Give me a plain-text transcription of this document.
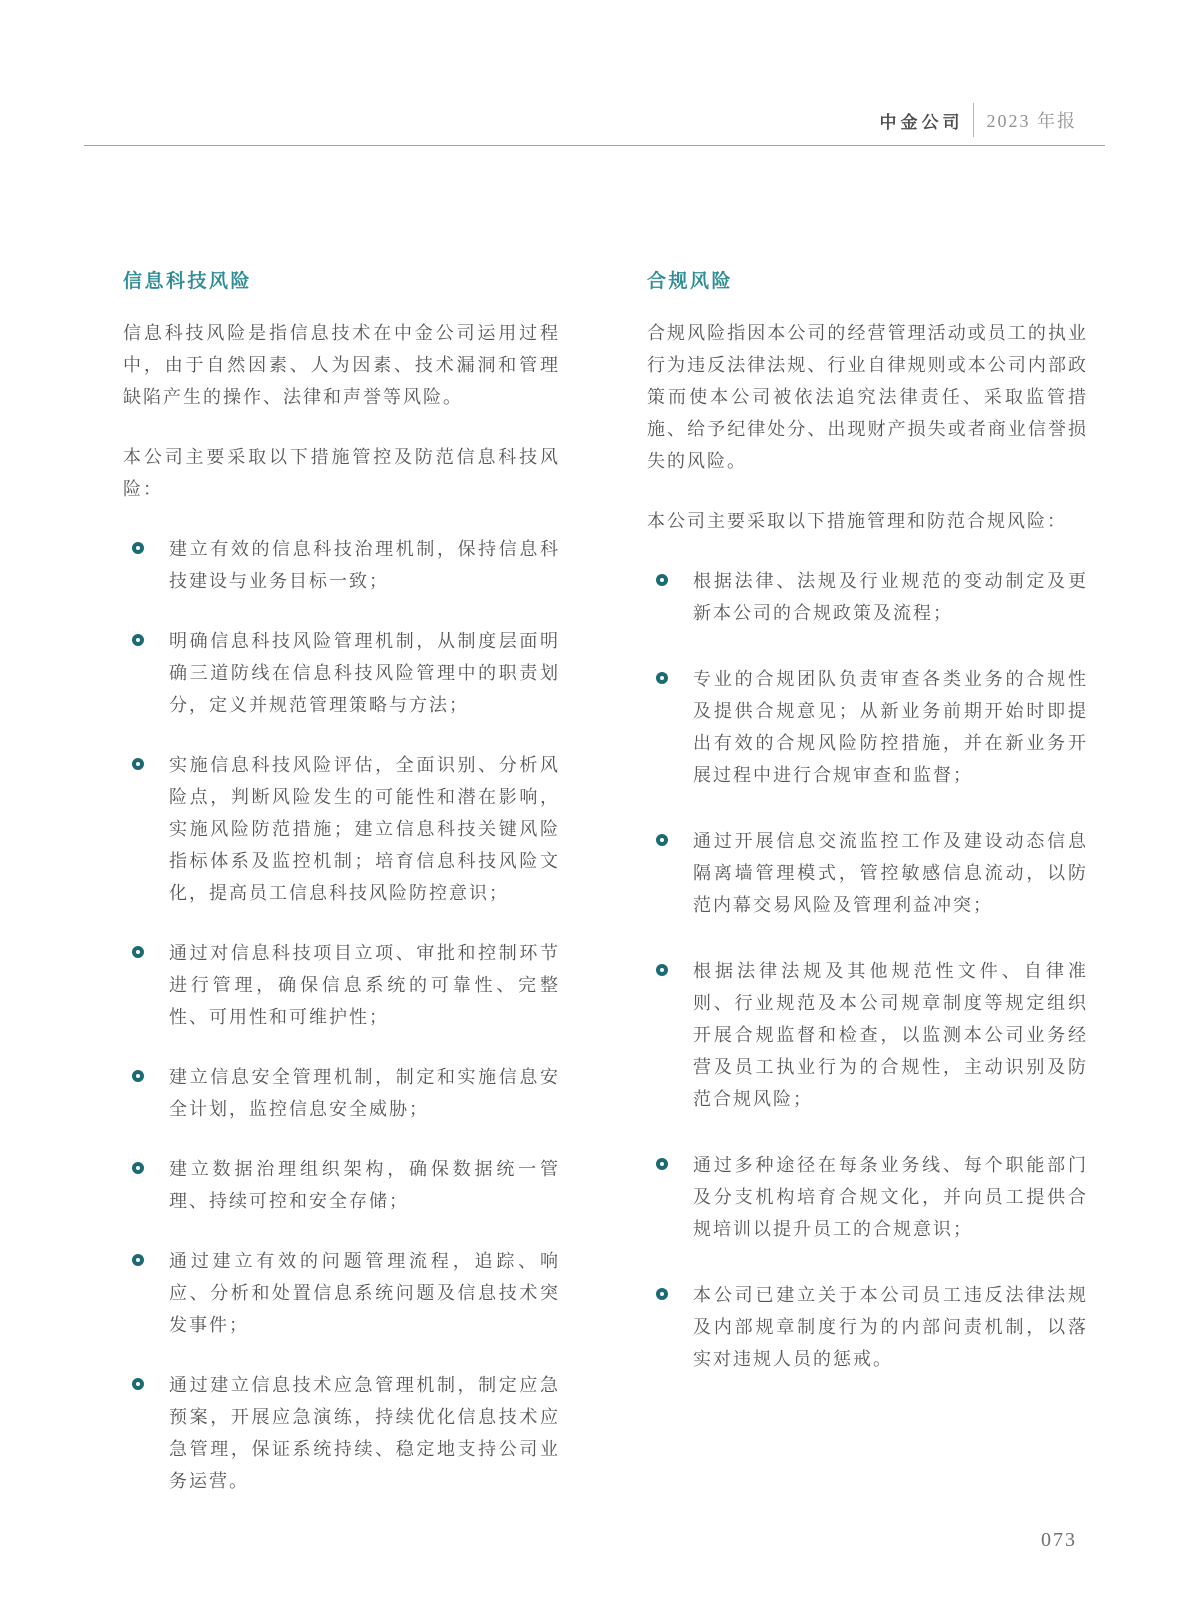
中金公司 2023 年报
信息科技风险

信息科技风险是指信息技术在中金公司运用过程中，由于自然因素、人为因素、技术漏洞和管理缺陷产生的操作、法律和声誉等风险。

本公司主要采取以下措施管控及防范信息科技风险：

建立有效的信息科技治理机制，保持信息科技建设与业务目标一致；
明确信息科技风险管理机制，从制度层面明确三道防线在信息科技风险管理中的职责划分，定义并规范管理策略与方法；
实施信息科技风险评估，全面识别、分析风险点，判断风险发生的可能性和潜在影响，实施风险防范措施；建立信息科技关键风险指标体系及监控机制；培育信息科技风险文化，提高员工信息科技风险防控意识；
通过对信息科技项目立项、审批和控制环节进行管理，确保信息系统的可靠性、完整性、可用性和可维护性；
建立信息安全管理机制，制定和实施信息安全计划，监控信息安全威胁；
建立数据治理组织架构，确保数据统一管理、持续可控和安全存储；
通过建立有效的问题管理流程，追踪、响应、分析和处置信息系统问题及信息技术突发事件；
通过建立信息技术应急管理机制，制定应急预案，开展应急演练，持续优化信息技术应急管理，保证系统持续、稳定地支持公司业务运营。
合规风险

合规风险指因本公司的经营管理活动或员工的执业行为违反法律法规、行业自律规则或本公司内部政策而使本公司被依法追究法律责任、采取监管措施、给予纪律处分、出现财产损失或者商业信誉损失的风险。

本公司主要采取以下措施管理和防范合规风险：

根据法律、法规及行业规范的变动制定及更新本公司的合规政策及流程；
专业的合规团队负责审查各类业务的合规性及提供合规意见；从新业务前期开始时即提出有效的合规风险防控措施，并在新业务开展过程中进行合规审查和监督；
通过开展信息交流监控工作及建设动态信息隔离墙管理模式，管控敏感信息流动，以防范内幕交易风险及管理利益冲突；
根据法律法规及其他规范性文件、自律准则、行业规范及本公司规章制度等规定组织开展合规监督和检查，以监测本公司业务经营及员工执业行为的合规性，主动识别及防范合规风险；
通过多种途径在每条业务线、每个职能部门及分支机构培育合规文化，并向员工提供合规培训以提升员工的合规意识；
本公司已建立关于本公司员工违反法律法规及内部规章制度行为的内部问责机制，以落实对违规人员的惩戒。
073
